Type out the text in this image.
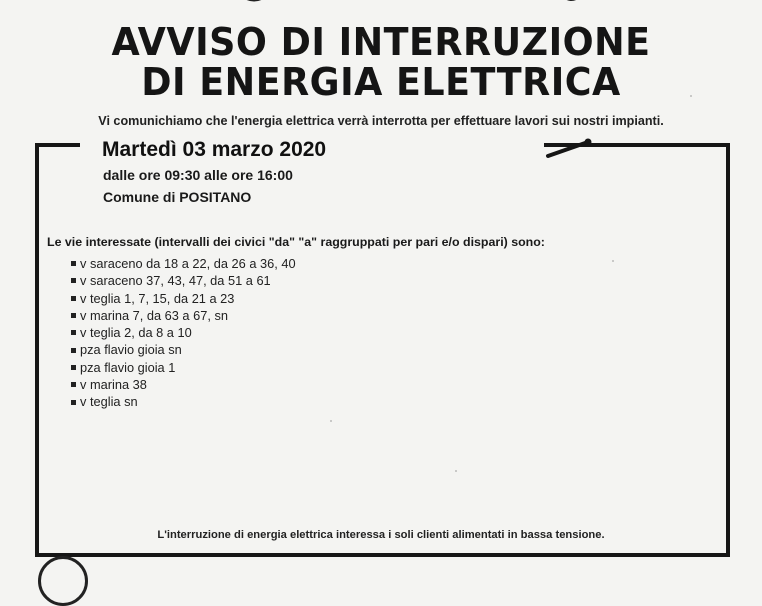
AVVISO DI INTERRUZIONE
DI ENERGIA ELETTRICA
Vi comunichiamo che l'energia elettrica verrà interrotta per effettuare lavori sui nostri impianti.
Martedì 03 marzo 2020
dalle ore 09:30 alle ore 16:00
Comune di POSITANO
Le vie interessate (intervalli dei civici "da" "a" raggruppati per pari e/o dispari) sono:
v saraceno da 18 a 22, da 26 a 36, 40
v saraceno 37, 43, 47, da 51 a 61
v teglia 1, 7, 15, da 21 a 23
v marina 7, da 63 a 67, sn
v teglia 2, da 8 a 10
pza flavio gioia sn
pza flavio gioia 1
v marina 38
v teglia sn
L'interruzione di energia elettrica interessa i soli clienti alimentati in bassa tensione.
